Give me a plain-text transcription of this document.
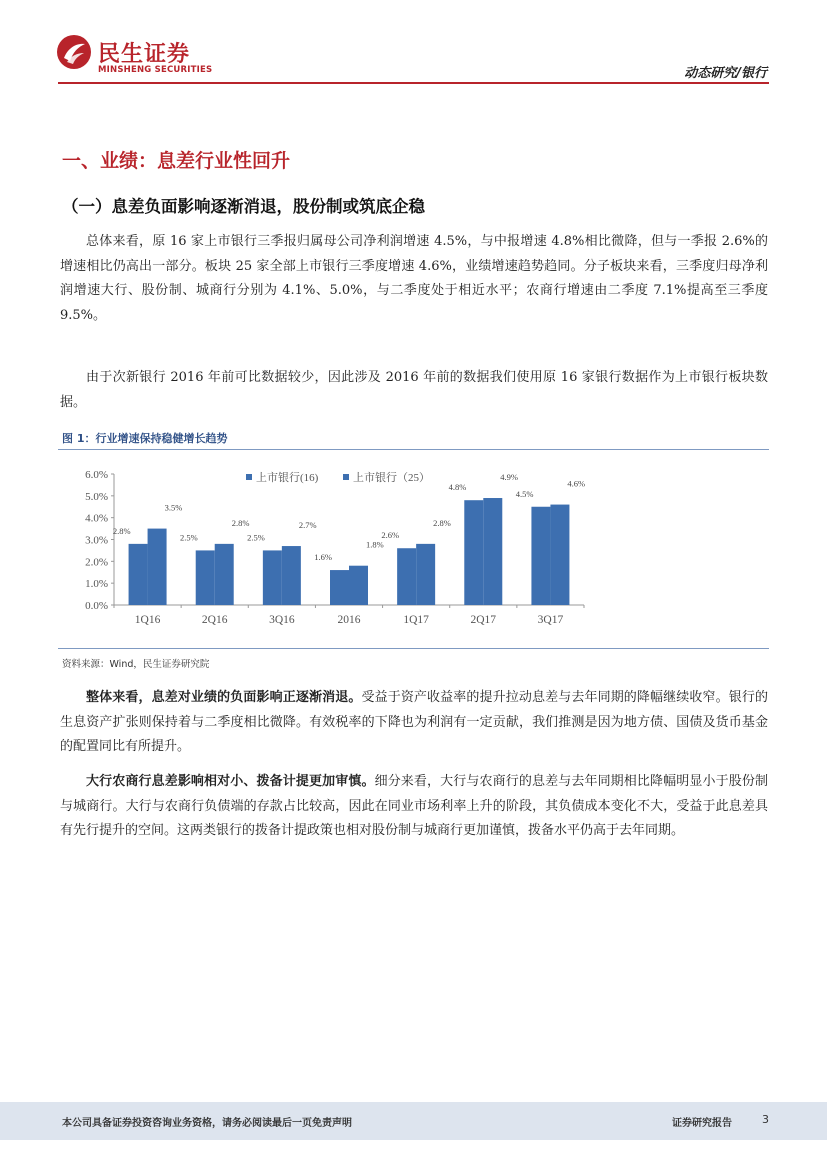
民生证券
MINSHENG SECURITIES	动态研究/银行
一、业绩：息差行业性回升
（一）息差负面影响逐渐消退，股份制或筑底企稳

总体来看，原 16 家上市银行三季报归属母公司净利润增速 4.5%，与中报增速 4.8%相比微降，但与一季报 2.6%的增速相比仍高出一部分。板块 25 家全部上市银行三季度增速 4.6%，业绩增速趋势趋同。分子板块来看，三季度归母净利润增速大行、股份制、城商行分别为 4.1%、5.0%，与二季度处于相近水平；农商行增速由二季度 7.1%提高至三季度 9.5%。

由于次新银行 2016 年前可比数据较少，因此涉及 2016 年前的数据我们使用原 16 家银行数据作为上市银行板块数据。

图 1：行业增速保持稳健增长趋势
0.0%
1.0%
2.0%
3.0%
4.0%
5.0%
6.0%
2.8%
3.5%
1Q16
2.5%
2.8%
2Q16
2.5%
2.7%
3Q16
1.6%
1.8%
2016
2.6%
2.8%
1Q17
4.8%
4.9%
2Q17
4.5%
4.6%
3Q17
上市银行(16)	上市银行（25）
资料来源：Wind，民生证券研究院

整体来看，息差对业绩的负面影响正逐渐消退。受益于资产收益率的提升拉动息差与去年同期的降幅继续收窄。银行的生息资产扩张则保持着与二季度相比微降。有效税率的下降也为利润有一定贡献，我们推测是因为地方债、国债及货币基金的配置同比有所提升。

大行农商行息差影响相对小、拨备计提更加审慎。细分来看，大行与农商行的息差与去年同期相比降幅明显小于股份制与城商行。大行与农商行负债端的存款占比较高，因此在同业市场利率上升的阶段，其负债成本变化不大，受益于此息差具有先行提升的空间。这两类银行的拨备计提政策也相对股份制与城商行更加谨慎，拨备水平仍高于去年同期。

本公司具备证券投资咨询业务资格，请务必阅读最后一页免责声明	证券研究报告	3
